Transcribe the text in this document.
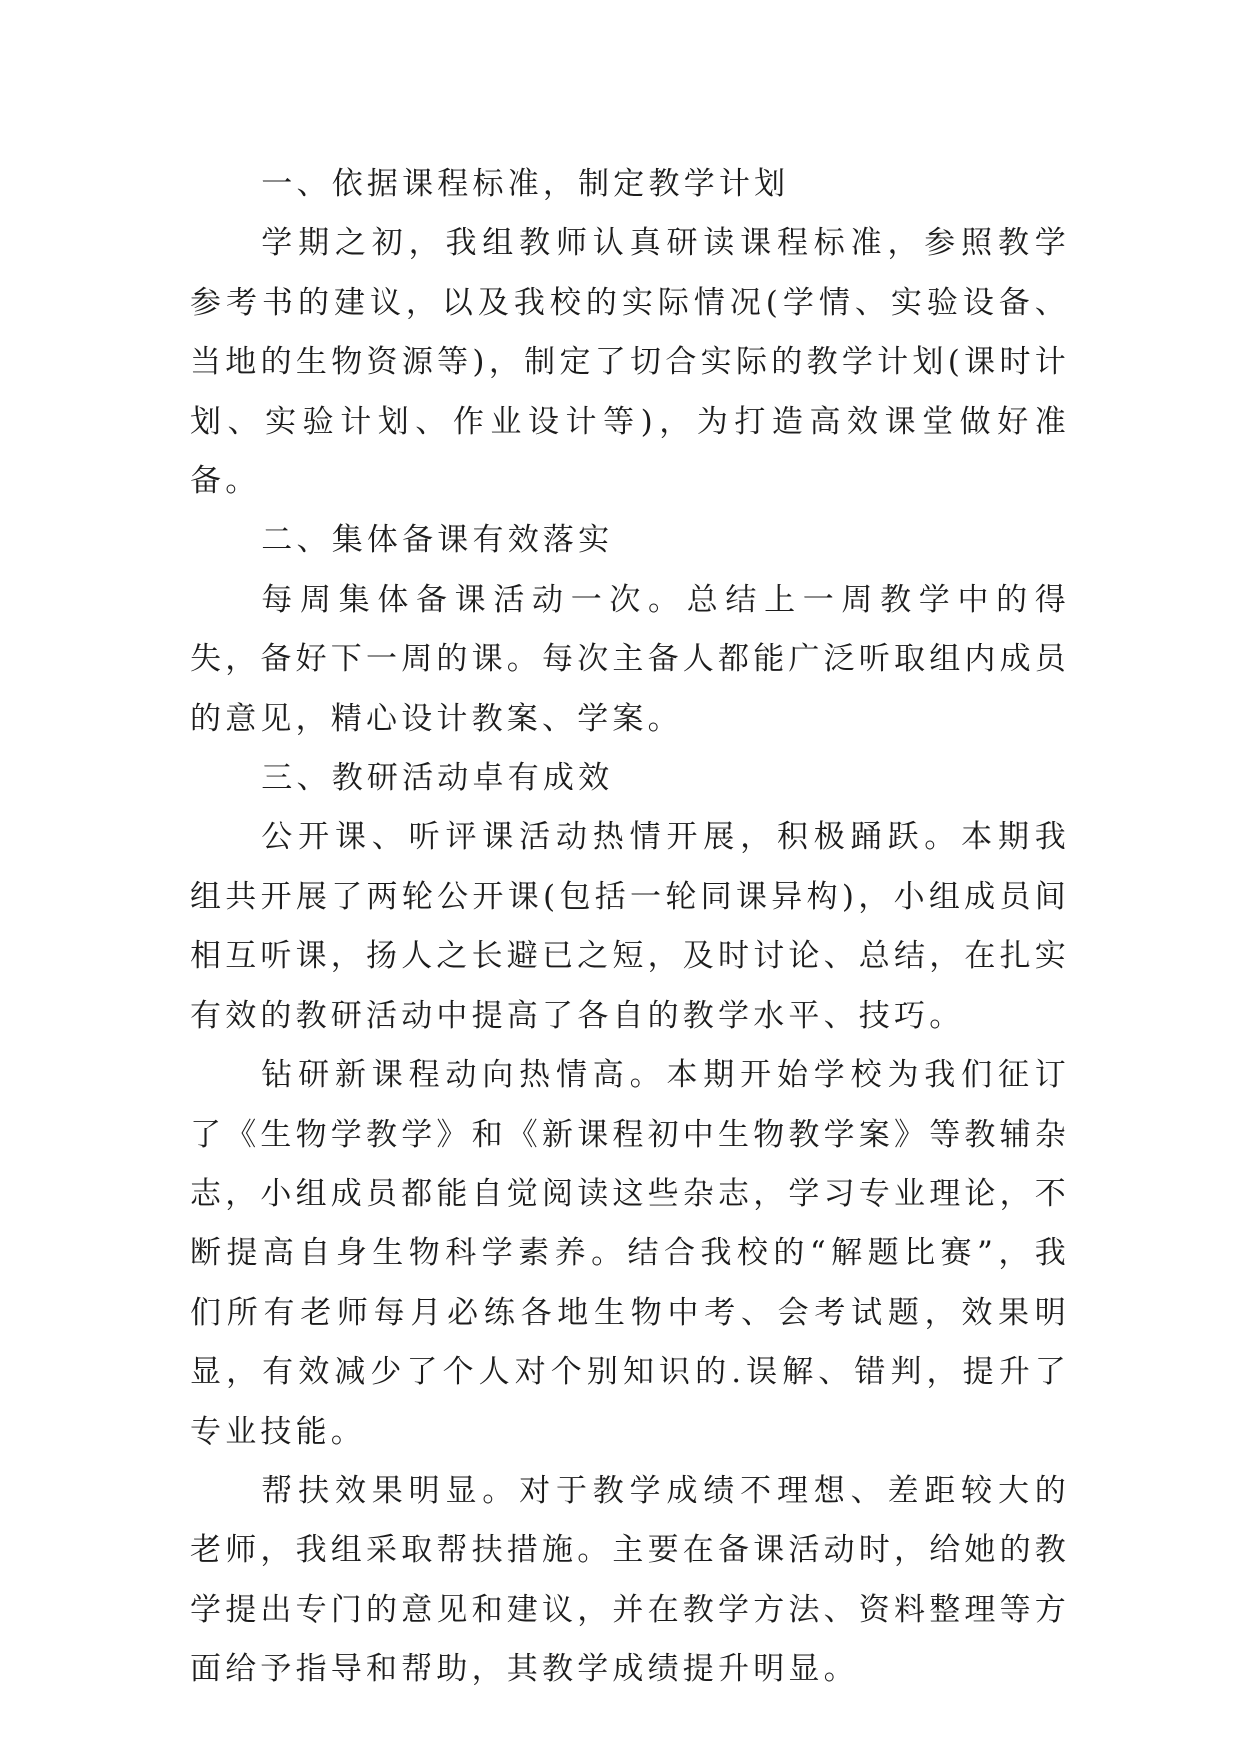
一、依据课程标准，制定教学计划

学期之初，我组教师认真研读课程标准，参照教学参考书的建议，以及我校的实际情况(学情、实验设备、当地的生物资源等)，制定了切合实际的教学计划(课时计划、实验计划、作业设计等)，为打造高效课堂做好准备。

二、集体备课有效落实

每周集体备课活动一次。总结上一周教学中的得失，备好下一周的课。每次主备人都能广泛听取组内成员的意见，精心设计教案、学案。

三、教研活动卓有成效

公开课、听评课活动热情开展，积极踊跃。本期我组共开展了两轮公开课(包括一轮同课异构)，小组成员间相互听课，扬人之长避已之短，及时讨论、总结，在扎实有效的教研活动中提高了各自的教学水平、技巧。

钻研新课程动向热情高。本期开始学校为我们征订了《生物学教学》和《新课程初中生物教学案》等教辅杂志，小组成员都能自觉阅读这些杂志，学习专业理论，不断提高自身生物科学素养。结合我校的“解题比赛”，我们所有老师每月必练各地生物中考、会考试题，效果明显，有效减少了个人对个别知识的.误解、错判，提升了专业技能。

帮扶效果明显。对于教学成绩不理想、差距较大的老师，我组采取帮扶措施。主要在备课活动时，给她的教学提出专门的意见和建议，并在教学方法、资料整理等方面给予指导和帮助，其教学成绩提升明显。
